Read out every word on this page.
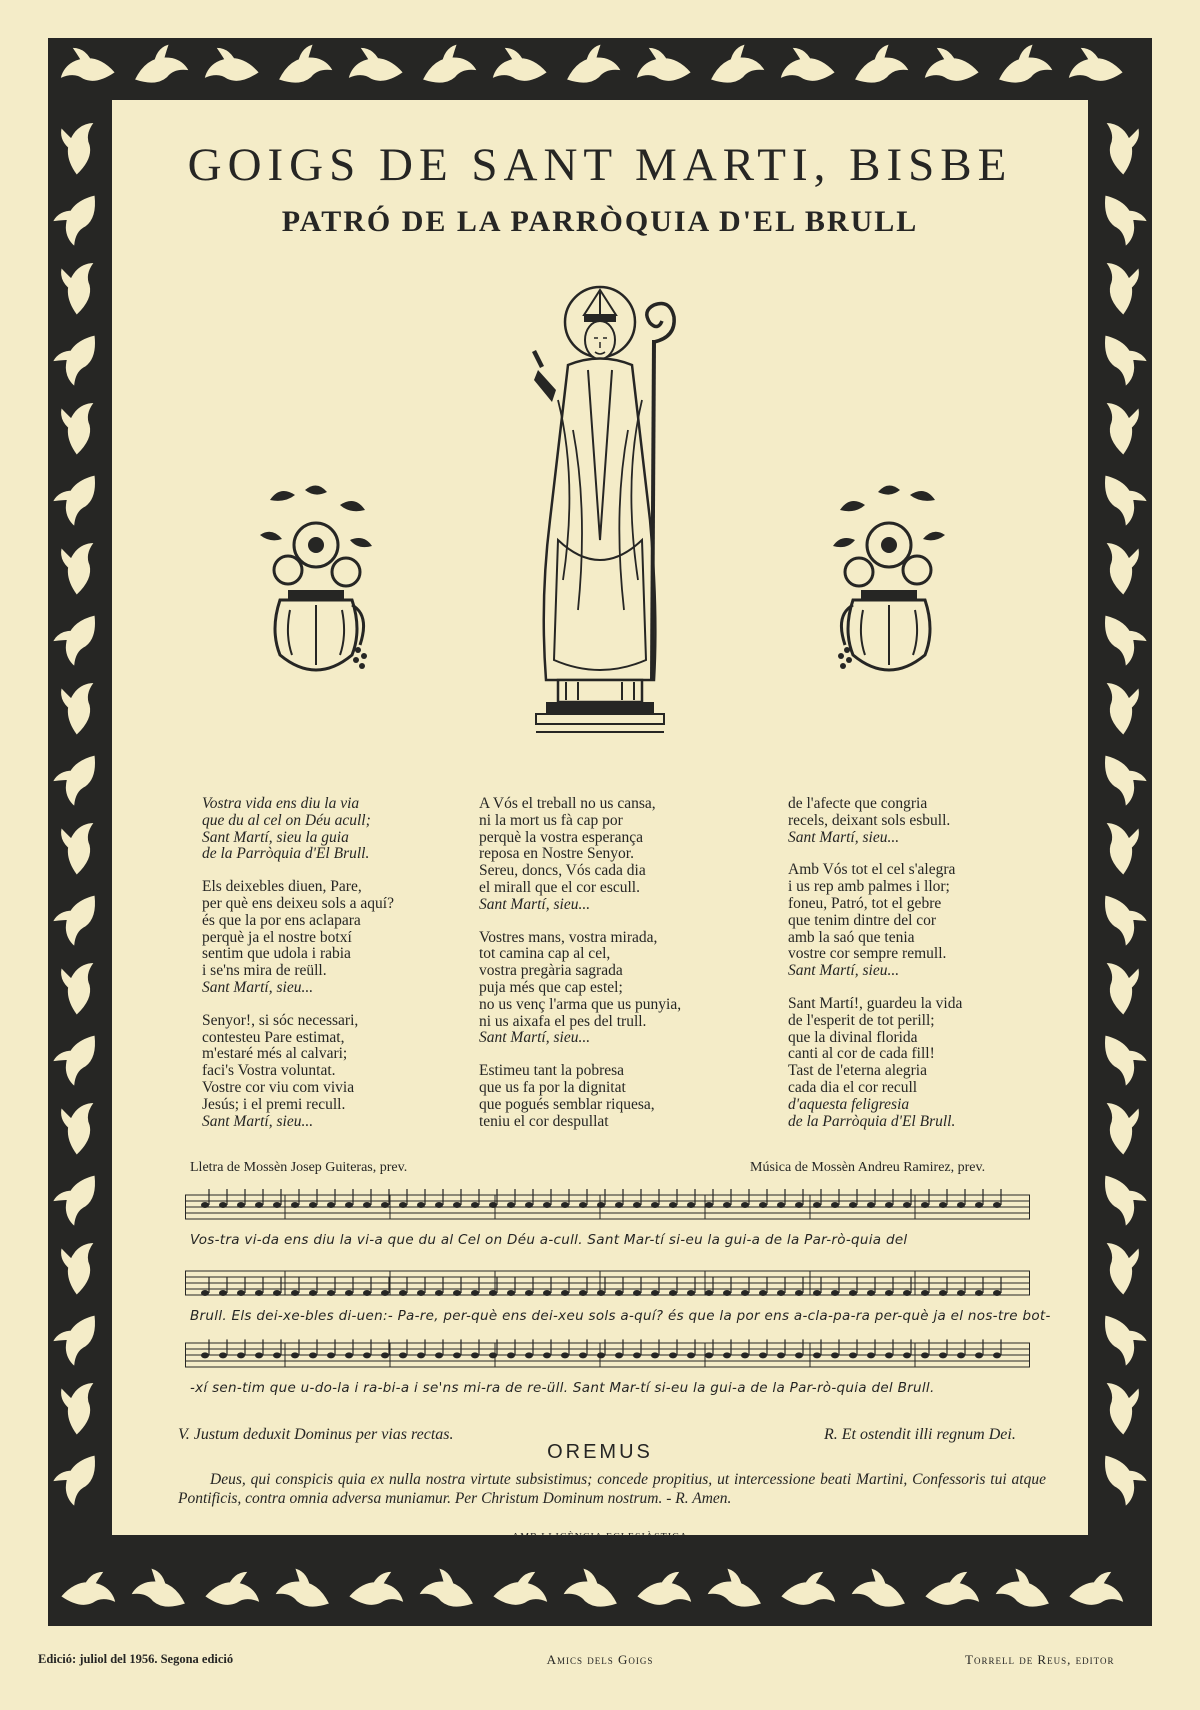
GOIGS DE SANT MARTI, BISBE
PATRÓ DE LA PARRÒQUIA D'EL BRULL
Vostra vida ens diu la via
que du al cel on Déu acull;
Sant Martí, sieu la guia
de la Parròquia d'El Brull.
Els deixebles diuen, Pare,
per què ens deixeu sols a aquí?
és que la por ens aclapara
perquè ja el nostre botxí
sentim que udola i rabia
i se'ns mira de reüll.
Sant Martí, sieu...
Senyor!, si sóc necessari,
contesteu Pare estimat,
m'estaré més al calvari;
faci's Vostra voluntat.
Vostre cor viu com vivia
Jesús; i el premi recull.
Sant Martí, sieu...
A Vós el treball no us cansa,
ni la mort us fà cap por
perquè la vostra esperança
reposa en Nostre Senyor.
Sereu, doncs, Vós cada dia
el mirall que el cor escull.
Sant Martí, sieu...
Vostres mans, vostra mirada,
tot camina cap al cel,
vostra pregària sagrada
puja més que cap estel;
no us venç l'arma que us punyia,
ni us aixafa el pes del trull.
Sant Martí, sieu...
Estimeu tant la pobresa
que us fa por la dignitat
que pogués semblar riquesa,
teniu el cor despullat
de l'afecte que congria
recels, deixant sols esbull.
Sant Martí, sieu...
Amb Vós tot el cel s'alegra
i us rep amb palmes i llor;
foneu, Patró, tot el gebre
que tenim dintre del cor
amb la saó que tenia
vostre cor sempre remull.
Sant Martí, sieu...
Sant Martí!, guardeu la vida
de l'esperit de tot perill;
que la divinal florida
canti al cor de cada fill!
Tast de l'eterna alegria
cada dia el cor recull
d'aquesta feligresia
de la Parròquia d'El Brull.
Lletra de Mossèn Josep Guiteras, prev.	Música de Mossèn Andreu Ramirez, prev.
Vos-tra vi-da ens diu la vi-a que du al Cel on Déu a-cull. Sant Mar-tí si-eu la gui-a de la Par-rò-quia del
Brull. Els dei-xe-bles di-uen:- Pa-re, per-què ens dei-xeu sols a-quí? és que la por ens a-cla-pa-ra per-què ja el nos-tre bot-
-xí sen-tim que u-do-la i ra-bi-a i se'ns mi-ra de re-üll. Sant Mar-tí si-eu la gui-a de la Par-rò-quia del Brull.
V. Justum deduxit Dominus per vias rectas.	R. Et ostendit illi regnum Dei.
OREMUS
Deus, qui conspicis quia ex nulla nostra virtute subsistimus; concede propitius, ut intercessione beati Martini, Confessoris tui atque Pontificis, contra omnia adversa muniamur. Per Christum Dominum nostrum. - R. Amen.
AMB LLICÈNCIA ECLESIÀSTICA
Edició: juliol del 1956. Segona edició	Amics dels Goigs	Torrell de Reus, editor
